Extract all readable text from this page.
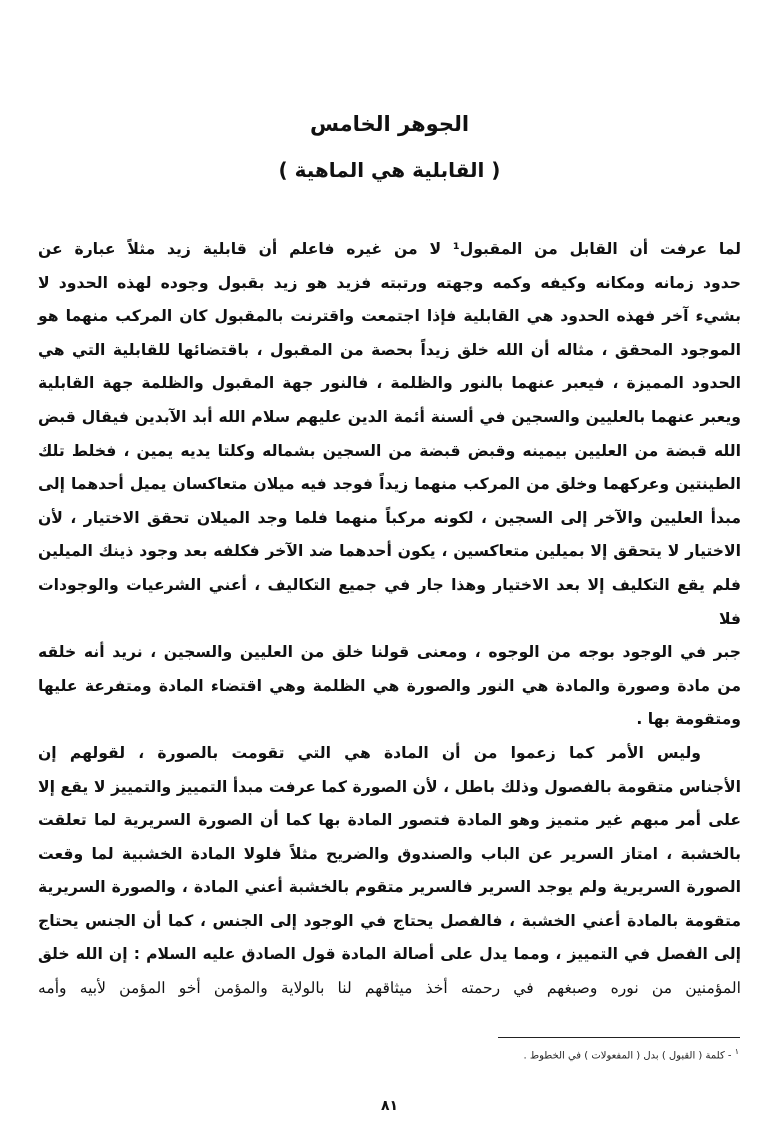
الجوهر الخامس
( القابلية هي الماهية )

لما عرفت أن القابل من المقبول¹ لا من غيره فاعلم أن قابلية زيد مثلاً عبارة عن

حدود زمانه ومكانه وكيفه وكمه وجهته ورتبته فزيد هو زيد بقبول وجوده لهذه الحدود لا

بشيء آخر فهذه الحدود هي القابلية فإذا اجتمعت واقترنت بالمقبول كان المركب منهما هو

الموجود المحقق ، مثاله أن الله خلق زيداً بحصة من المقبول ، باقتضائها للقابلية التي هي

الحدود المميزة ، فيعبر عنهما بالنور والظلمة ، فالنور جهة المقبول والظلمة جهة القابلية

ويعبر عنهما بالعليين والسجين في ألسنة أئمة الدين عليهم سلام الله أبد الآبدين فيقال قبض

الله قبضة من العليين بيمينه وقبض قبضة من السجين بشماله وكلتا يديه يمين ، فخلط تلك

الطينتين وعركهما وخلق من المركب منهما زيداً فوجد فيه ميلان متعاكسان يميل أحدهما إلى

مبدأ العليين والآخر إلى السجين ، لكونه مركباً منهما فلما وجد الميلان تحقق الاختيار ، لأن

الاختيار لا يتحقق إلا بميلين متعاكسين ، يكون أحدهما ضد الآخر فكلفه بعد وجود ذينك الميلين

فلم يقع التكليف إلا بعد الاختيار وهذا جار في جميع التكاليف ، أعني الشرعيات والوجودات فلا

جبر في الوجود بوجه من الوجوه ، ومعنى قولنا خلق من العليين والسجين ، نريد أنه خلقه

من مادة وصورة والمادة هي النور والصورة هي الظلمة وهي اقتضاء المادة ومتفرعة عليها

ومتقومة بها .

وليس الأمر كما زعموا من أن المادة هي التي تقومت بالصورة ، لقولهم إن

الأجناس متقومة بالفصول وذلك باطل ، لأن الصورة كما عرفت مبدأ التمييز والتمييز لا يقع إلا

على أمر مبهم غير متميز وهو المادة فتصور المادة بها كما أن الصورة السريرية لما تعلقت

بالخشبة ، امتاز السرير عن الباب والصندوق والضريح مثلاً فلولا المادة الخشبية لما وقعت

الصورة السريرية ولم يوجد السرير فالسرير متقوم بالخشبة أعني المادة ، والصورة السريرية

متقومة بالمادة أعني الخشبة ، فالفصل يحتاج في الوجود إلى الجنس ، كما أن الجنس يحتاج

إلى الفصل في التمييز ، ومما يدل على أصالة المادة قول الصادق عليه السلام : إن الله خلق

المؤمنين من نوره وصبغهم في رحمته أخذ ميثاقهم لنا بالولاية والمؤمن أخو المؤمن لأبيه وأمه

$^١$ - كلمة ( القبول ) بدل ( المفعولات ) في الخطوط .
٨١
